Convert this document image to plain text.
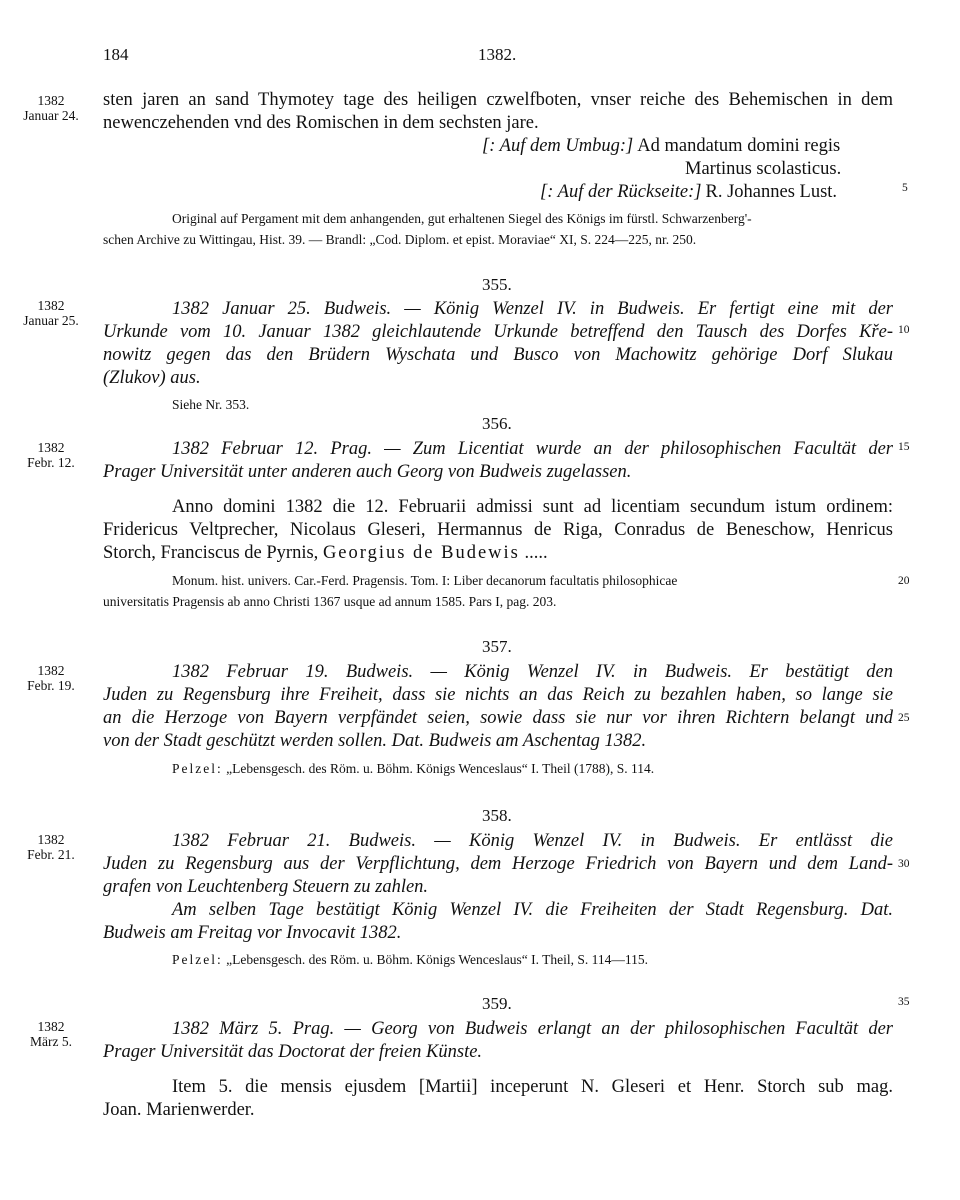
184	1382.
1382
Januar 24.
1382
Januar 25.
1382
Febr. 12.
1382
Febr. 19.
1382
Febr. 21.
1382
März 5.
5
10
15
20
25
30
35
sten jaren an sand Thymotey tage des heiligen czwelfboten, vnser reiche des Behemischen in dem
newenczehenden vnd des Romischen in dem sechsten jare.
[: Auf dem Umbug:] Ad mandatum domini regis
Martinus scolasticus.
[: Auf der Rückseite:] R. Johannes Lust.
Original auf Pergament mit dem anhangenden, gut erhaltenen Siegel des Königs im fürstl. Schwarzenberg'-
schen Archive zu Wittingau, Hist. 39. — Brandl: „Cod. Diplom. et epist. Moraviae“ XI, S. 224—225, nr. 250.
355.
1382 Januar 25. Budweis. — König Wenzel IV. in Budweis. Er fertigt eine mit der
Urkunde vom 10. Januar 1382 gleichlautende Urkunde betreffend den Tausch des Dorfes Kře-
nowitz gegen das den Brüdern Wyschata und Busco von Machowitz gehörige Dorf Slukau
(Zlukov) aus.
Siehe Nr. 353.
356.
1382 Februar 12. Prag. — Zum Licentiat wurde an der philosophischen Facultät der
Prager Universität unter anderen auch Georg von Budweis zugelassen.
Anno domini 1382 die 12. Februarii admissi sunt ad licentiam secundum istum ordinem:
Fridericus Veltprecher, Nicolaus Gleseri, Hermannus de Riga, Conradus de Beneschow, Henricus
Storch, Franciscus de Pyrnis, Georgius de Budewis .....
Monum. hist. univers. Car.-Ferd. Pragensis. Tom. I: Liber decanorum facultatis philosophicae
universitatis Pragensis ab anno Christi 1367 usque ad annum 1585. Pars I, pag. 203.
357.
1382 Februar 19. Budweis. — König Wenzel IV. in Budweis. Er bestätigt den
Juden zu Regensburg ihre Freiheit, dass sie nichts an das Reich zu bezahlen haben, so lange sie
an die Herzoge von Bayern verpfändet seien, sowie dass sie nur vor ihren Richtern belangt und
von der Stadt geschützt werden sollen. Dat. Budweis am Aschentag 1382.
Pelzel: „Lebensgesch. des Röm. u. Böhm. Königs Wenceslaus“ I. Theil (1788), S. 114.
358.
1382 Februar 21. Budweis. — König Wenzel IV. in Budweis. Er entlässt die
Juden zu Regensburg aus der Verpflichtung, dem Herzoge Friedrich von Bayern und dem Land-
grafen von Leuchtenberg Steuern zu zahlen.
Am selben Tage bestätigt König Wenzel IV. die Freiheiten der Stadt Regensburg. Dat.
Budweis am Freitag vor Invocavit 1382.
Pelzel: „Lebensgesch. des Röm. u. Böhm. Königs Wenceslaus“ I. Theil, S. 114—115.
359.
1382 März 5. Prag. — Georg von Budweis erlangt an der philosophischen Facultät der
Prager Universität das Doctorat der freien Künste.
Item 5. die mensis ejusdem [Martii] inceperunt N. Gleseri et Henr. Storch sub mag.
Joan. Marienwerder.
